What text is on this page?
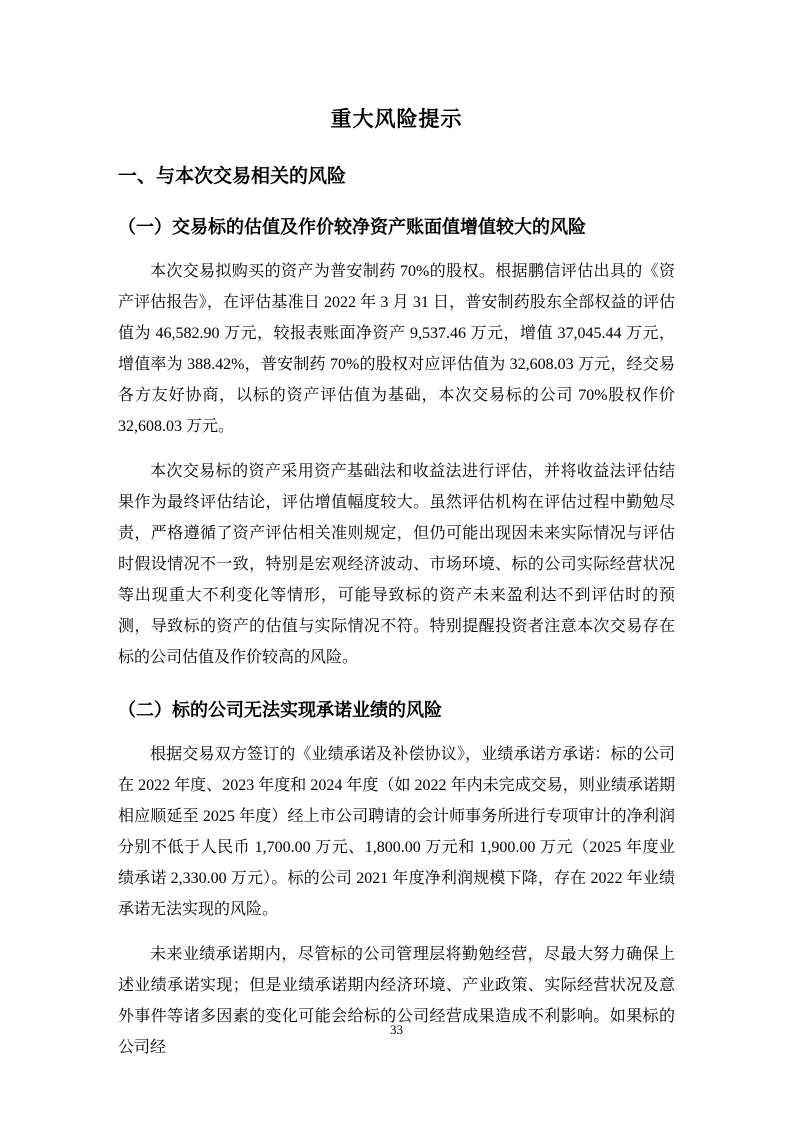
重大风险提示
一、与本次交易相关的风险
（一）交易标的估值及作价较净资产账面值增值较大的风险

本次交易拟购买的资产为普安制药 70%的股权。根据鹏信评估出具的《资产评估报告》，在评估基准日 2022 年 3 月 31 日，普安制药股东全部权益的评估值为 46,582.90 万元，较报表账面净资产 9,537.46 万元，增值 37,045.44 万元，增值率为 388.42%，普安制药 70%的股权对应评估值为 32,608.03 万元，经交易各方友好协商，以标的资产评估值为基础，本次交易标的公司 70%股权作价 32,608.03 万元。

本次交易标的资产采用资产基础法和收益法进行评估，并将收益法评估结果作为最终评估结论，评估增值幅度较大。虽然评估机构在评估过程中勤勉尽责，严格遵循了资产评估相关准则规定，但仍可能出现因未来实际情况与评估时假设情况不一致，特别是宏观经济波动、市场环境、标的公司实际经营状况等出现重大不利变化等情形，可能导致标的资产未来盈利达不到评估时的预测，导致标的资产的估值与实际情况不符。特别提醒投资者注意本次交易存在标的公司估值及作价较高的风险。

（二）标的公司无法实现承诺业绩的风险

根据交易双方签订的《业绩承诺及补偿协议》，业绩承诺方承诺：标的公司在 2022 年度、2023 年度和 2024 年度（如 2022 年内未完成交易，则业绩承诺期相应顺延至 2025 年度）经上市公司聘请的会计师事务所进行专项审计的净利润分别不低于人民币 1,700.00 万元、1,800.00 万元和 1,900.00 万元（2025 年度业绩承诺 2,330.00 万元）。标的公司 2021 年度净利润规模下降，存在 2022 年业绩承诺无法实现的风险。

未来业绩承诺期内，尽管标的公司管理层将勤勉经营，尽最大努力确保上述业绩承诺实现；但是业绩承诺期内经济环境、产业政策、实际经营状况及意外事件等诸多因素的变化可能会给标的公司经营成果造成不利影响。如果标的公司经

33
